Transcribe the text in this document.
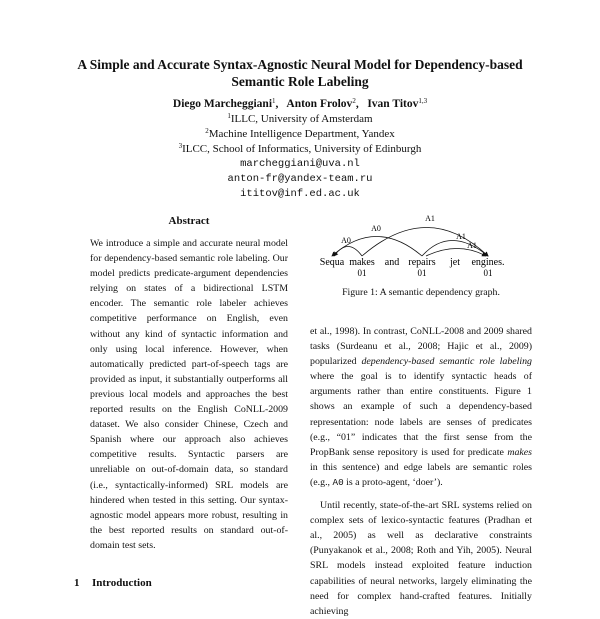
A Simple and Accurate Syntax-Agnostic Neural Model for Dependency-based Semantic Role Labeling
Diego Marcheggiani$^1$,   Anton Frolov$^2$,   Ivan Titov$^{1,3}$
$^1$ILLC, University of Amsterdam
$^2$Machine Intelligence Department, Yandex
$^3$ILCC, School of Informatics, University of Edinburgh
marcheggiani@uva.nl
anton-fr@yandex-team.ru
ititov@inf.ed.ac.uk
Abstract

We introduce a simple and accurate neural model for dependency-based semantic role labeling. Our model predicts predicate-argument dependencies relying on states of a bidirectional LSTM encoder. The semantic role labeler achieves competitive performance on English, even without any kind of syntactic information and only using local inference. However, when automatically predicted part-of-speech tags are provided as input, it substantially outperforms all previous local models and approaches the best reported results on the English CoNLL-2009 dataset. We also consider Chinese, Czech and Spanish where our approach also achieves competitive results. Syntactic parsers are unreliable on out-of-domain data, so standard (i.e., syntactically-informed) SRL models are hindered when tested in this setting. Our syntax-agnostic model appears more robust, resulting in the best reported results on standard out-of-domain test sets.

1 Introduction
A0
A0
A1
A1
A1
Sequa makes and repairs jet engines.
01	01	01
Figure 1: A semantic dependency graph.

et al., 1998). In contrast, CoNLL-2008 and 2009 shared tasks (Surdeanu et al., 2008; Hajic et al., 2009) popularized dependency-based semantic role labeling where the goal is to identify syntactic heads of arguments rather than entire constituents. Figure 1 shows an example of such a dependency-based representation: node labels are senses of predicates (e.g., “01” indicates that the first sense from the PropBank sense repository is used for predicate makes in this sentence) and edge labels are semantic roles (e.g., A0 is a proto-agent, ‘doer’).

Until recently, state-of-the-art SRL systems relied on complex sets of lexico-syntactic features (Pradhan et al., 2005) as well as declarative constraints (Punyakanok et al., 2008; Roth and Yih, 2005). Neural SRL models instead exploited feature induction capabilities of neural networks, largely eliminating the need for complex hand-crafted features. Initially achieving
